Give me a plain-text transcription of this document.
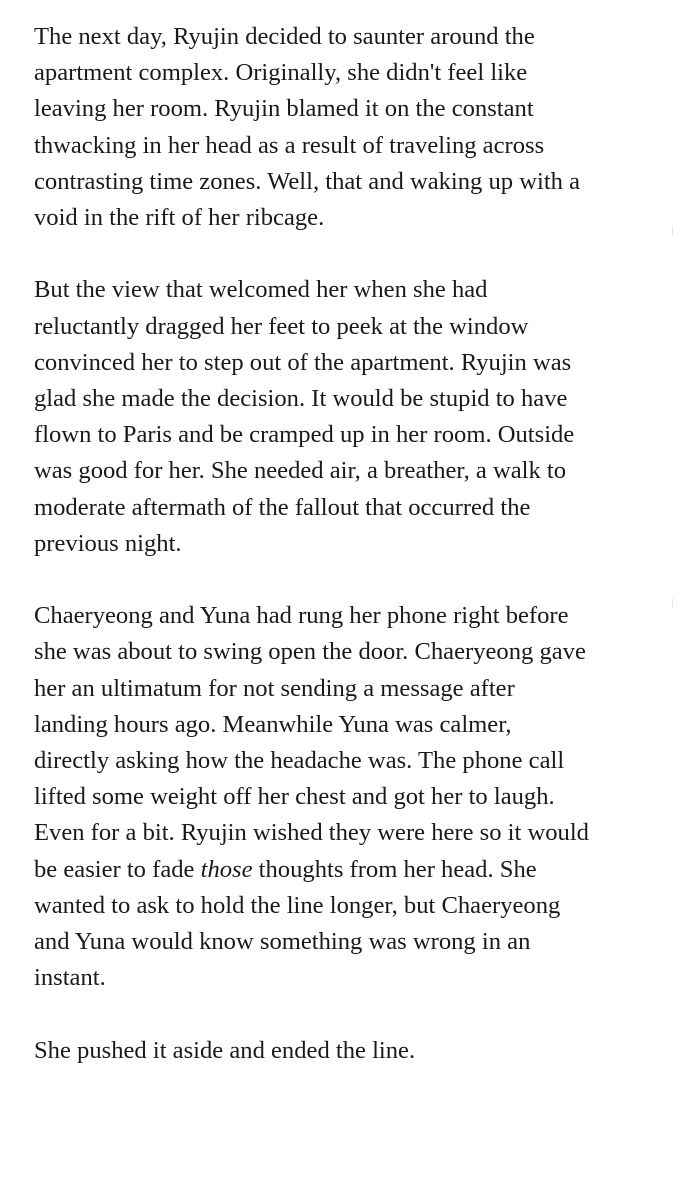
The next day, Ryujin decided to saunter around the
apartment complex. Originally, she didn't feel like
leaving her room. Ryujin blamed it on the constant
thwacking in her head as a result of traveling across
contrasting time zones. Well, that and waking up with a
void in the rift of her ribcage.

But the view that welcomed her when she had
reluctantly dragged her feet to peek at the window
convinced her to step out of the apartment. Ryujin was
glad she made the decision. It would be stupid to have
flown to Paris and be cramped up in her room. Outside
was good for her. She needed air, a breather, a walk to
moderate aftermath of the fallout that occurred the
previous night.

Chaeryeong and Yuna had rung her phone right before
she was about to swing open the door. Chaeryeong gave
her an ultimatum for not sending a message after
landing hours ago. Meanwhile Yuna was calmer,
directly asking how the headache was. The phone call
lifted some weight off her chest and got her to laugh.
Even for a bit. Ryujin wished they were here so it would
be easier to fade those thoughts from her head. She
wanted to ask to hold the line longer, but Chaeryeong
and Yuna would know something was wrong in an
instant.

She pushed it aside and ended the line.
